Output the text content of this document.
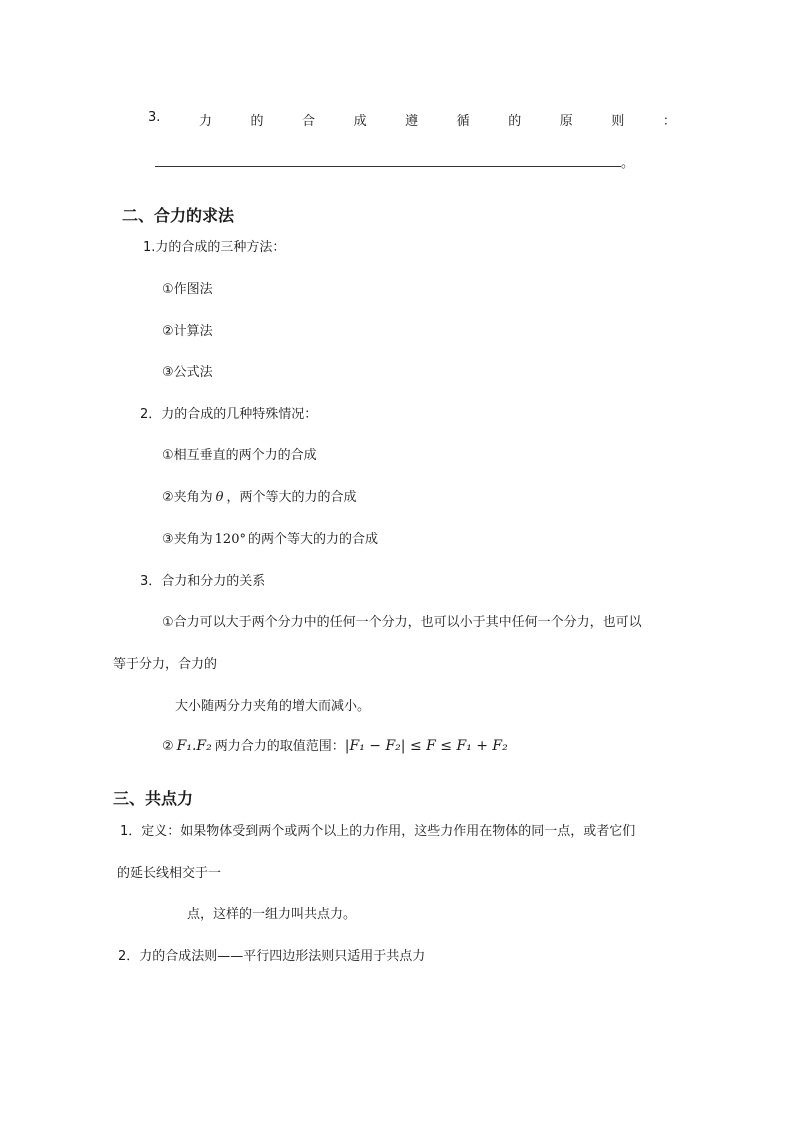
3.	力	的	合	成	遵	循	的	原	则	：
。
二、合力的求法
1.力的合成的三种方法：
①作图法
②计算法
③公式法
2．力的合成的几种特殊情况：
①相互垂直的两个力的合成
②夹角为 θ ，两个等大的力的合成
③夹角为 120° 的两个等大的力的合成
3．合力和分力的关系
①合力可以大于两个分力中的任何一个分力，也可以小于其中任何一个分力，也可以
等于分力，合力的
大小随两分力夹角的增大而减小。
② F₁.F₂ 两力合力的取值范围：|F₁ − F₂| ≤ F ≤ F₁ + F₂
三、共点力
1．定义：如果物体受到两个或两个以上的力作用，这些力作用在物体的同一点，或者它们
的延长线相交于一
点，这样的一组力叫共点力。
2．力的合成法则——平行四边形法则只适用于共点力
